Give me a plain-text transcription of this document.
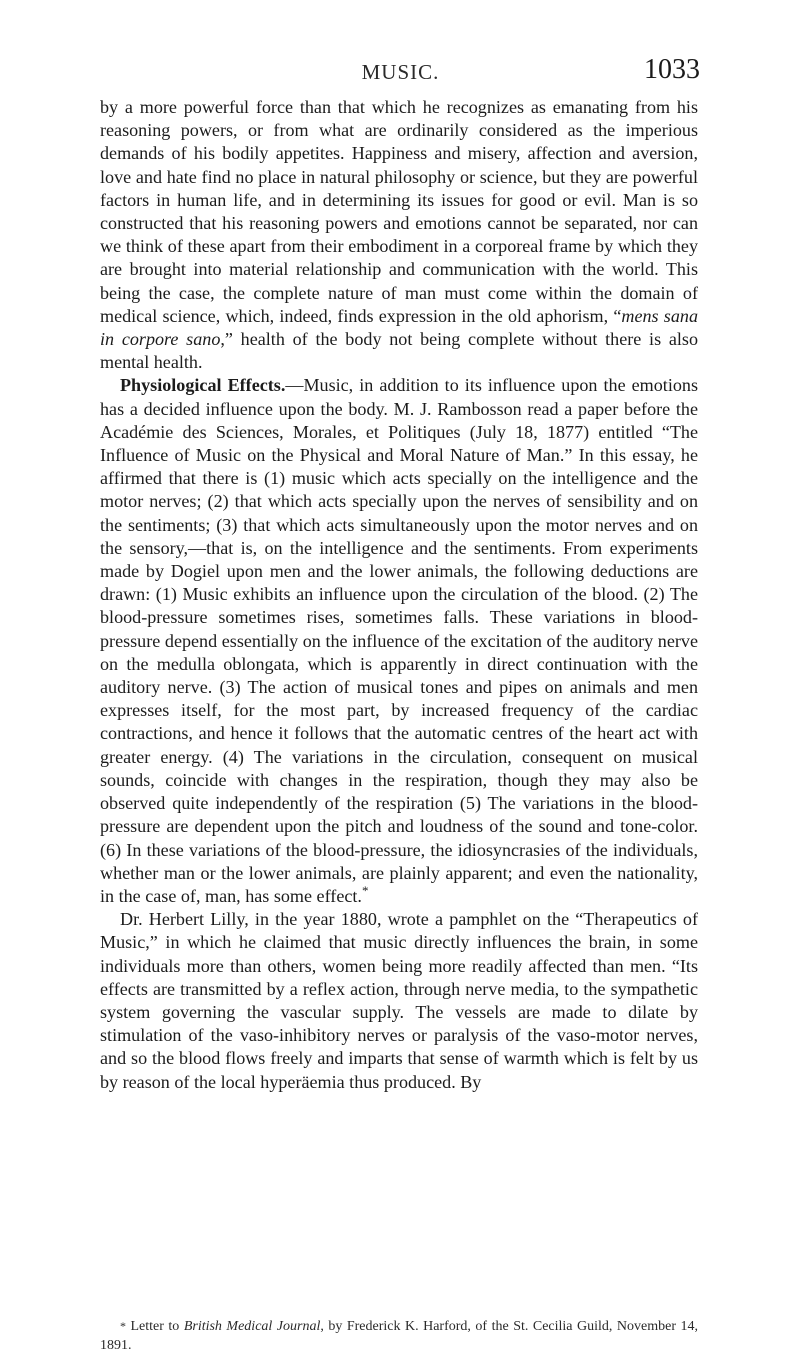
MUSIC.	1033

by a more powerful force than that which he recognizes as emanating from his reasoning powers, or from what are ordinarily considered as the imperious demands of his bodily appetites. Happiness and misery, affection and aversion, love and hate find no place in natural philosophy or science, but they are powerful factors in human life, and in determining its issues for good or evil. Man is so constructed that his reasoning powers and emotions cannot be separated, nor can we think of these apart from their embodiment in a corporeal frame by which they are brought into material relationship and communication with the world. This being the case, the complete nature of man must come within the domain of medical science, which, indeed, finds expression in the old aphorism, “mens sana in corpore sano,” health of the body not being complete without there is also mental health.

Physiological Effects.—Music, in addition to its influence upon the emotions has a decided influence upon the body. M. J. Rambosson read a paper before the Académie des Sciences, Morales, et Politiques (July 18, 1877) entitled “The Influence of Music on the Physical and Moral Nature of Man.” In this essay, he affirmed that there is (1) music which acts specially on the intelligence and the motor nerves; (2) that which acts specially upon the nerves of sensibility and on the sentiments; (3) that which acts simultaneously upon the motor nerves and on the sensory,—that is, on the intelligence and the sentiments. From experiments made by Dogiel upon men and the lower animals, the following deductions are drawn: (1) Music exhibits an influence upon the circulation of the blood. (2) The blood-pressure sometimes rises, sometimes falls. These variations in blood-pressure depend essentially on the influence of the excitation of the auditory nerve on the medulla oblongata, which is apparently in direct continuation with the auditory nerve. (3) The action of musical tones and pipes on animals and men expresses itself, for the most part, by increased frequency of the cardiac contractions, and hence it follows that the automatic centres of the heart act with greater energy. (4) The variations in the circulation, consequent on musical sounds, coincide with changes in the respiration, though they may also be observed quite independently of the respiration (5) The variations in the blood-pressure are dependent upon the pitch and loudness of the sound and tone-color. (6) In these variations of the blood-pressure, the idiosyncrasies of the individuals, whether man or the lower animals, are plainly apparent; and even the nationality, in the case of, man, has some effect.*

Dr. Herbert Lilly, in the year 1880, wrote a pamphlet on the “Therapeutics of Music,” in which he claimed that music directly influences the brain, in some individuals more than others, women being more readily affected than men. “Its effects are transmitted by a reflex action, through nerve media, to the sympathetic system governing the vascular supply. The vessels are made to dilate by stimulation of the vaso-inhibitory nerves or paralysis of the vaso-motor nerves, and so the blood flows freely and imparts that sense of warmth which is felt by us by reason of the local hyperäemia thus produced. By

* Letter to British Medical Journal, by Frederick K. Harford, of the St. Cecilia Guild, November 14, 1891.
